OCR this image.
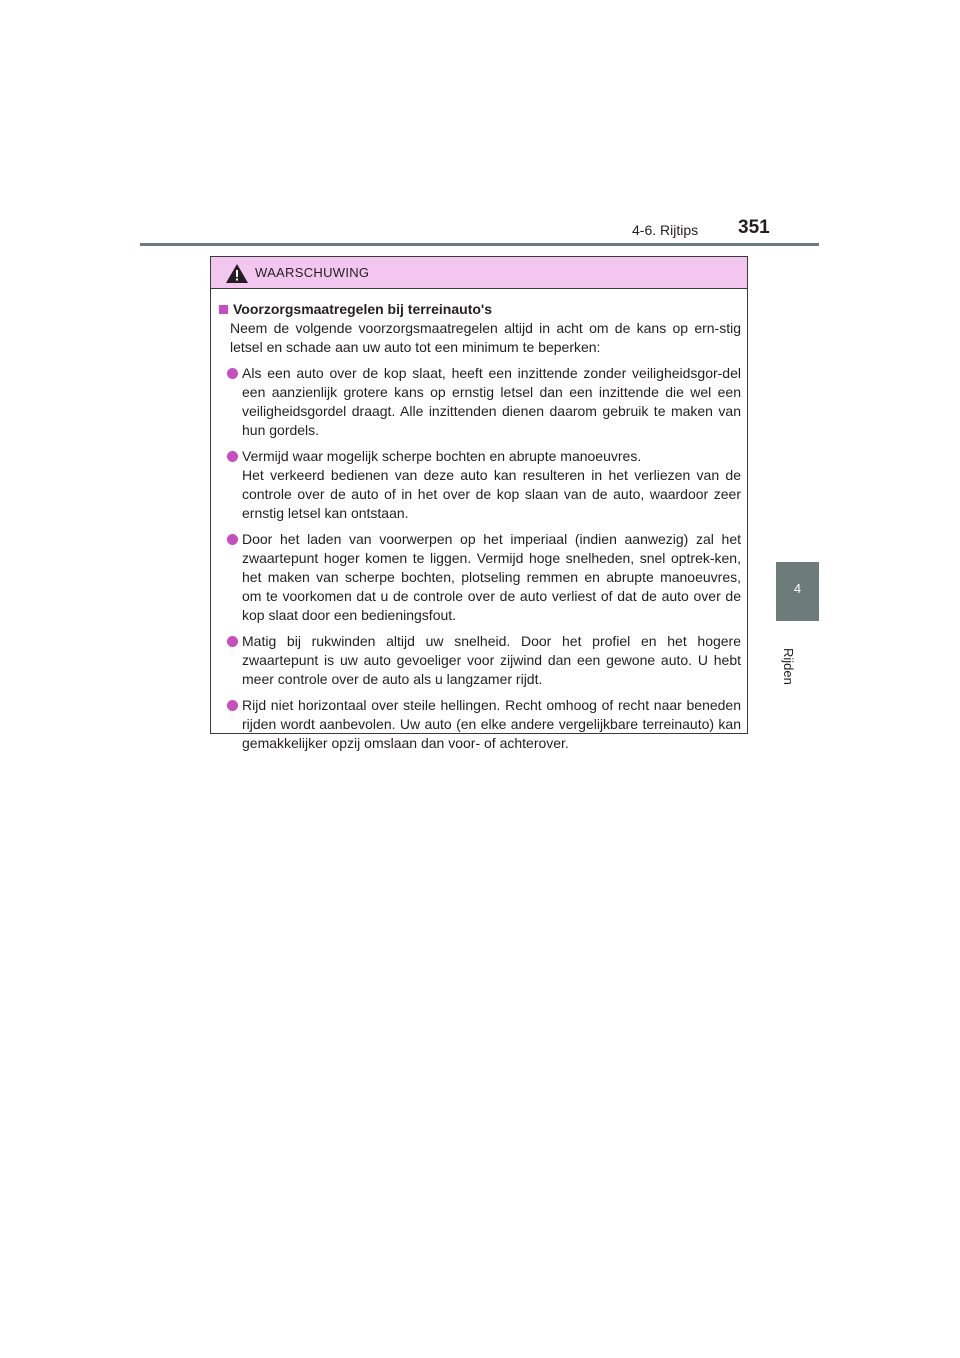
4-6. Rijtips 351
4
Rijden
WAARSCHUWING
Voorzorgsmaatregelen bij terreinauto's
Neem de volgende voorzorgsmaatregelen altijd in acht om de kans op ern-stig letsel en schade aan uw auto tot een minimum te beperken:
Als een auto over de kop slaat, heeft een inzittende zonder veiligheidsgor-del een aanzienlijk grotere kans op ernstig letsel dan een inzittende die wel een veiligheidsgordel draagt. Alle inzittenden dienen daarom gebruik te maken van hun gordels.
Vermijd waar mogelijk scherpe bochten en abrupte manoeuvres.
Het verkeerd bedienen van deze auto kan resulteren in het verliezen van de controle over de auto of in het over de kop slaan van de auto, waardoor zeer ernstig letsel kan ontstaan.
Door het laden van voorwerpen op het imperiaal (indien aanwezig) zal het zwaartepunt hoger komen te liggen. Vermijd hoge snelheden, snel optrek-ken, het maken van scherpe bochten, plotseling remmen en abrupte manoeuvres, om te voorkomen dat u de controle over de auto verliest of dat de auto over de kop slaat door een bedieningsfout.
Matig bij rukwinden altijd uw snelheid. Door het profiel en het hogere zwaartepunt is uw auto gevoeliger voor zijwind dan een gewone auto. U hebt meer controle over de auto als u langzamer rijdt.
Rijd niet horizontaal over steile hellingen. Recht omhoog of recht naar beneden rijden wordt aanbevolen. Uw auto (en elke andere vergelijkbare terreinauto) kan gemakkelijker opzij omslaan dan voor- of achterover.
